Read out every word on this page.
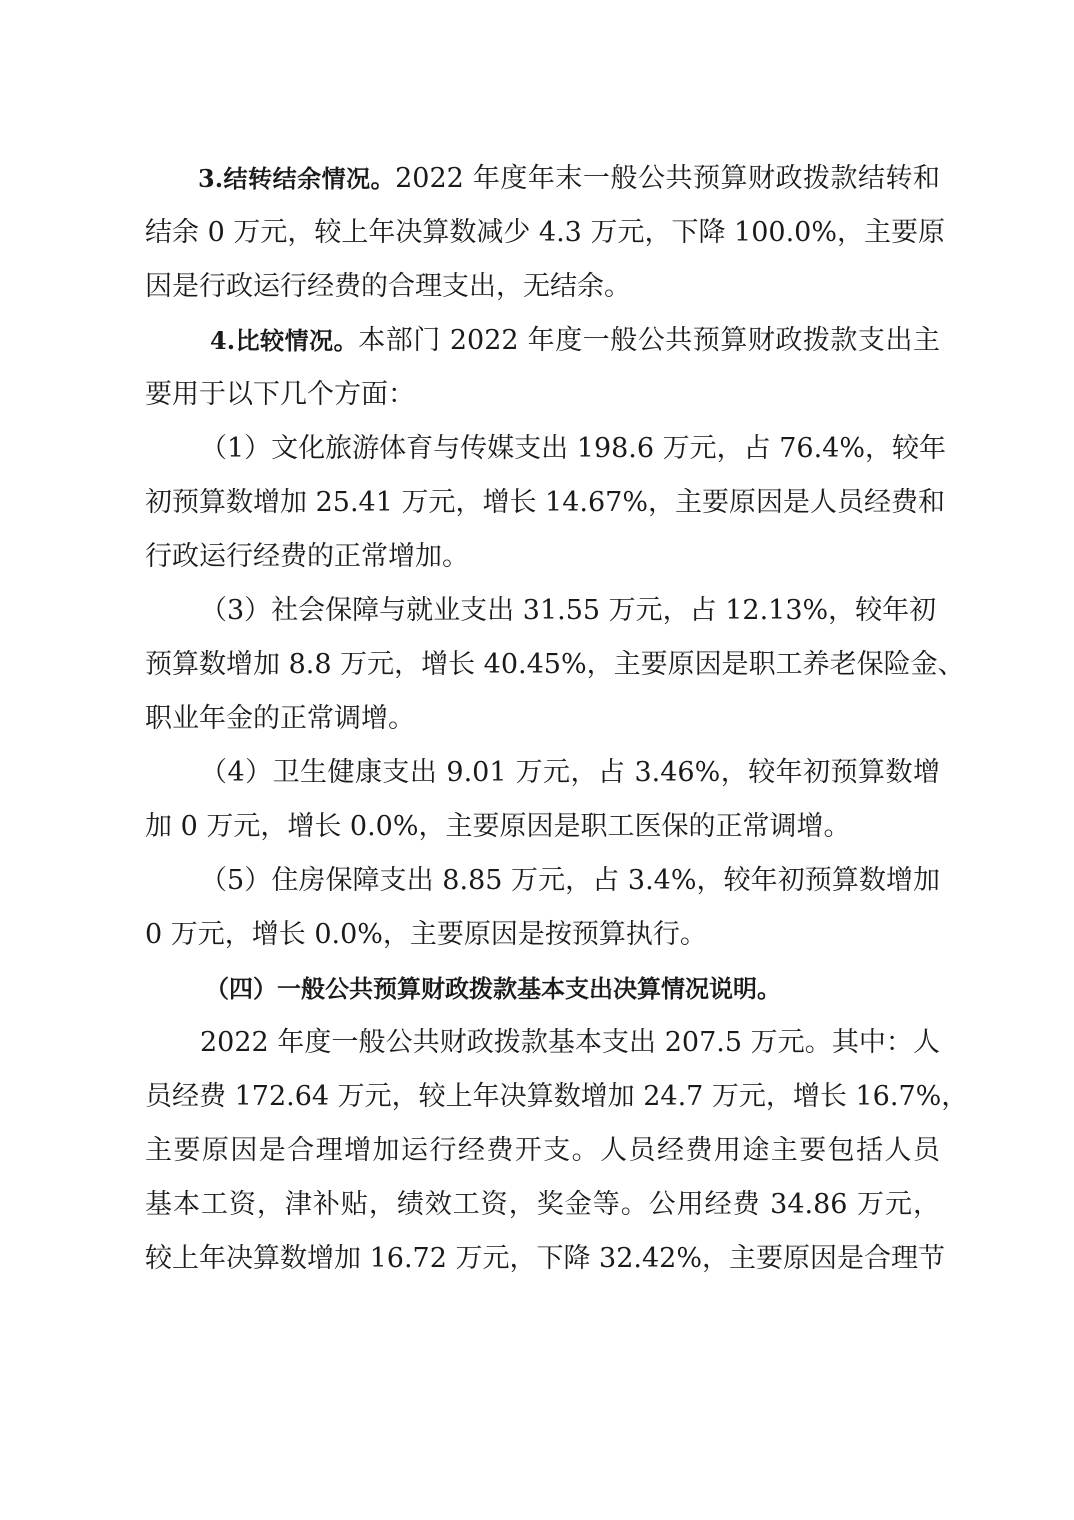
3.结转结余情况。2022 年度年末一般公共预算财政拨款结转和
结余 0 万元，较上年决算数减少 4.3 万元，下降 100.0%，主要原
因是行政运行经费的合理支出，无结余。
4.比较情况。本部门 2022 年度一般公共预算财政拨款支出主
要用于以下几个方面：
（1）文化旅游体育与传媒支出 198.6 万元，占 76.4%，较年
初预算数增加 25.41 万元，增长 14.67%，主要原因是人员经费和
行政运行经费的正常增加。
（3）社会保障与就业支出 31.55 万元，占 12.13%，较年初
预算数增加 8.8 万元，增长 40.45%，主要原因是职工养老保险金、
职业年金的正常调增。
（4）卫生健康支出 9.01 万元，占 3.46%，较年初预算数增
加 0 万元，增长 0.0%，主要原因是职工医保的正常调增。
（5）住房保障支出 8.85 万元，占 3.4%，较年初预算数增加
0 万元，增长 0.0%，主要原因是按预算执行。
（四）一般公共预算财政拨款基本支出决算情况说明。
2022 年度一般公共财政拨款基本支出 207.5 万元。其中：人
员经费 172.64 万元，较上年决算数增加 24.7 万元，增长 16.7%，
主要原因是合理增加运行经费开支。人员经费用途主要包括人员
基本工资，津补贴，绩效工资，奖金等。公用经费 34.86 万元，
较上年决算数增加 16.72 万元，下降 32.42%，主要原因是合理节
